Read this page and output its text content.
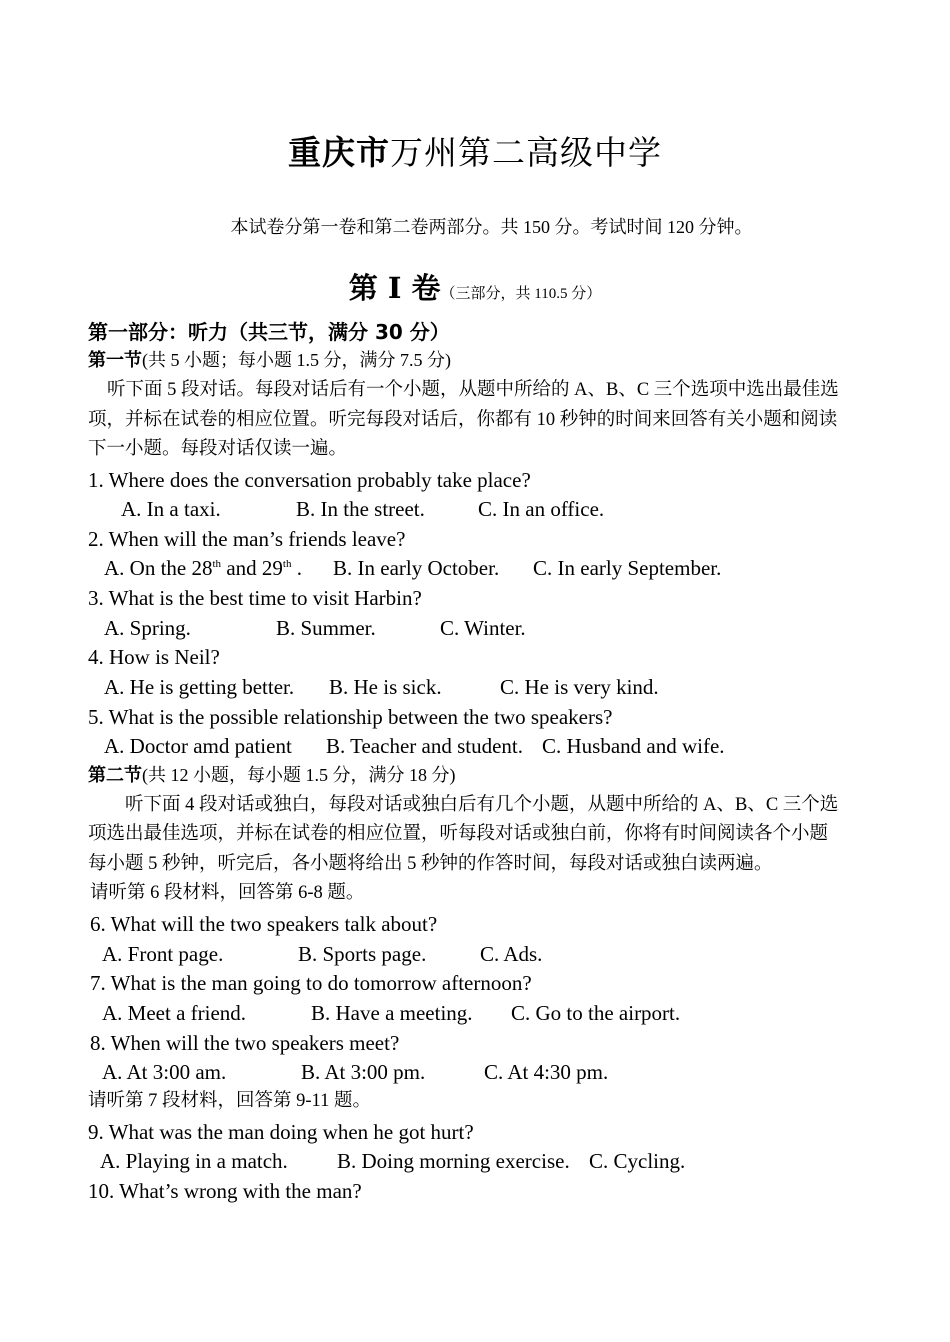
重庆市万州第二高级中学
本试卷分第一卷和第二卷两部分。共 150 分。考试时间 120 分钟。
第 I 卷（三部分，共 110.5 分）
第一部分：听力（共三节，满分 30 分）
第一节(共 5 小题；每小题 1.5 分，满分 7.5 分)
听下面 5 段对话。每段对话后有一个小题，从题中所给的 A、B、C 三个选项中选出最佳选
项，并标在试卷的相应位置。听完每段对话后，你都有 10 秒钟的时间来回答有关小题和阅读
下一小题。每段对话仅读一遍。
1. Where does the conversation probably take place?
A. In a taxi.	B. In the street.	C. In an office.
2. When will the man’s friends leave?
A. On the 28th and 29th . B. In early October. C. In early September.
3. What is the best time to visit Harbin?
A. Spring.	B. Summer.	C. Winter.
4. How is Neil?
A. He is getting better. B. He is sick.	C. He is very kind.
5. What is the possible relationship between the two speakers?
A. Doctor amd patient B. Teacher and student. C. Husband and wife.
第二节(共 12 小题，每小题 1.5 分，满分 18 分)
听下面 4 段对话或独白，每段对话或独白后有几个小题，从题中所给的 A、B、C 三个选
项选出最佳选项，并标在试卷的相应位置，听每段对话或独白前，你将有时间阅读各个小题
每小题 5 秒钟，听完后，各小题将给出 5 秒钟的作答时间，每段对话或独白读两遍。
请听第 6 段材料，回答第 6-8 题。
6. What will the two speakers talk about?
A. Front page.	B. Sports page.	C. Ads.
7. What is the man going to do tomorrow afternoon?
A. Meet a friend.	B. Have a meeting. C. Go to the airport.
8. When will the two speakers meet?
A. At 3:00 am.	B. At 3:00 pm.	C. At 4:30 pm.
请听第 7 段材料，回答第 9-11 题。
9. What was the man doing when he got hurt?
A. Playing in a match. B. Doing morning exercise. C. Cycling.
10. What’s wrong with the man?
